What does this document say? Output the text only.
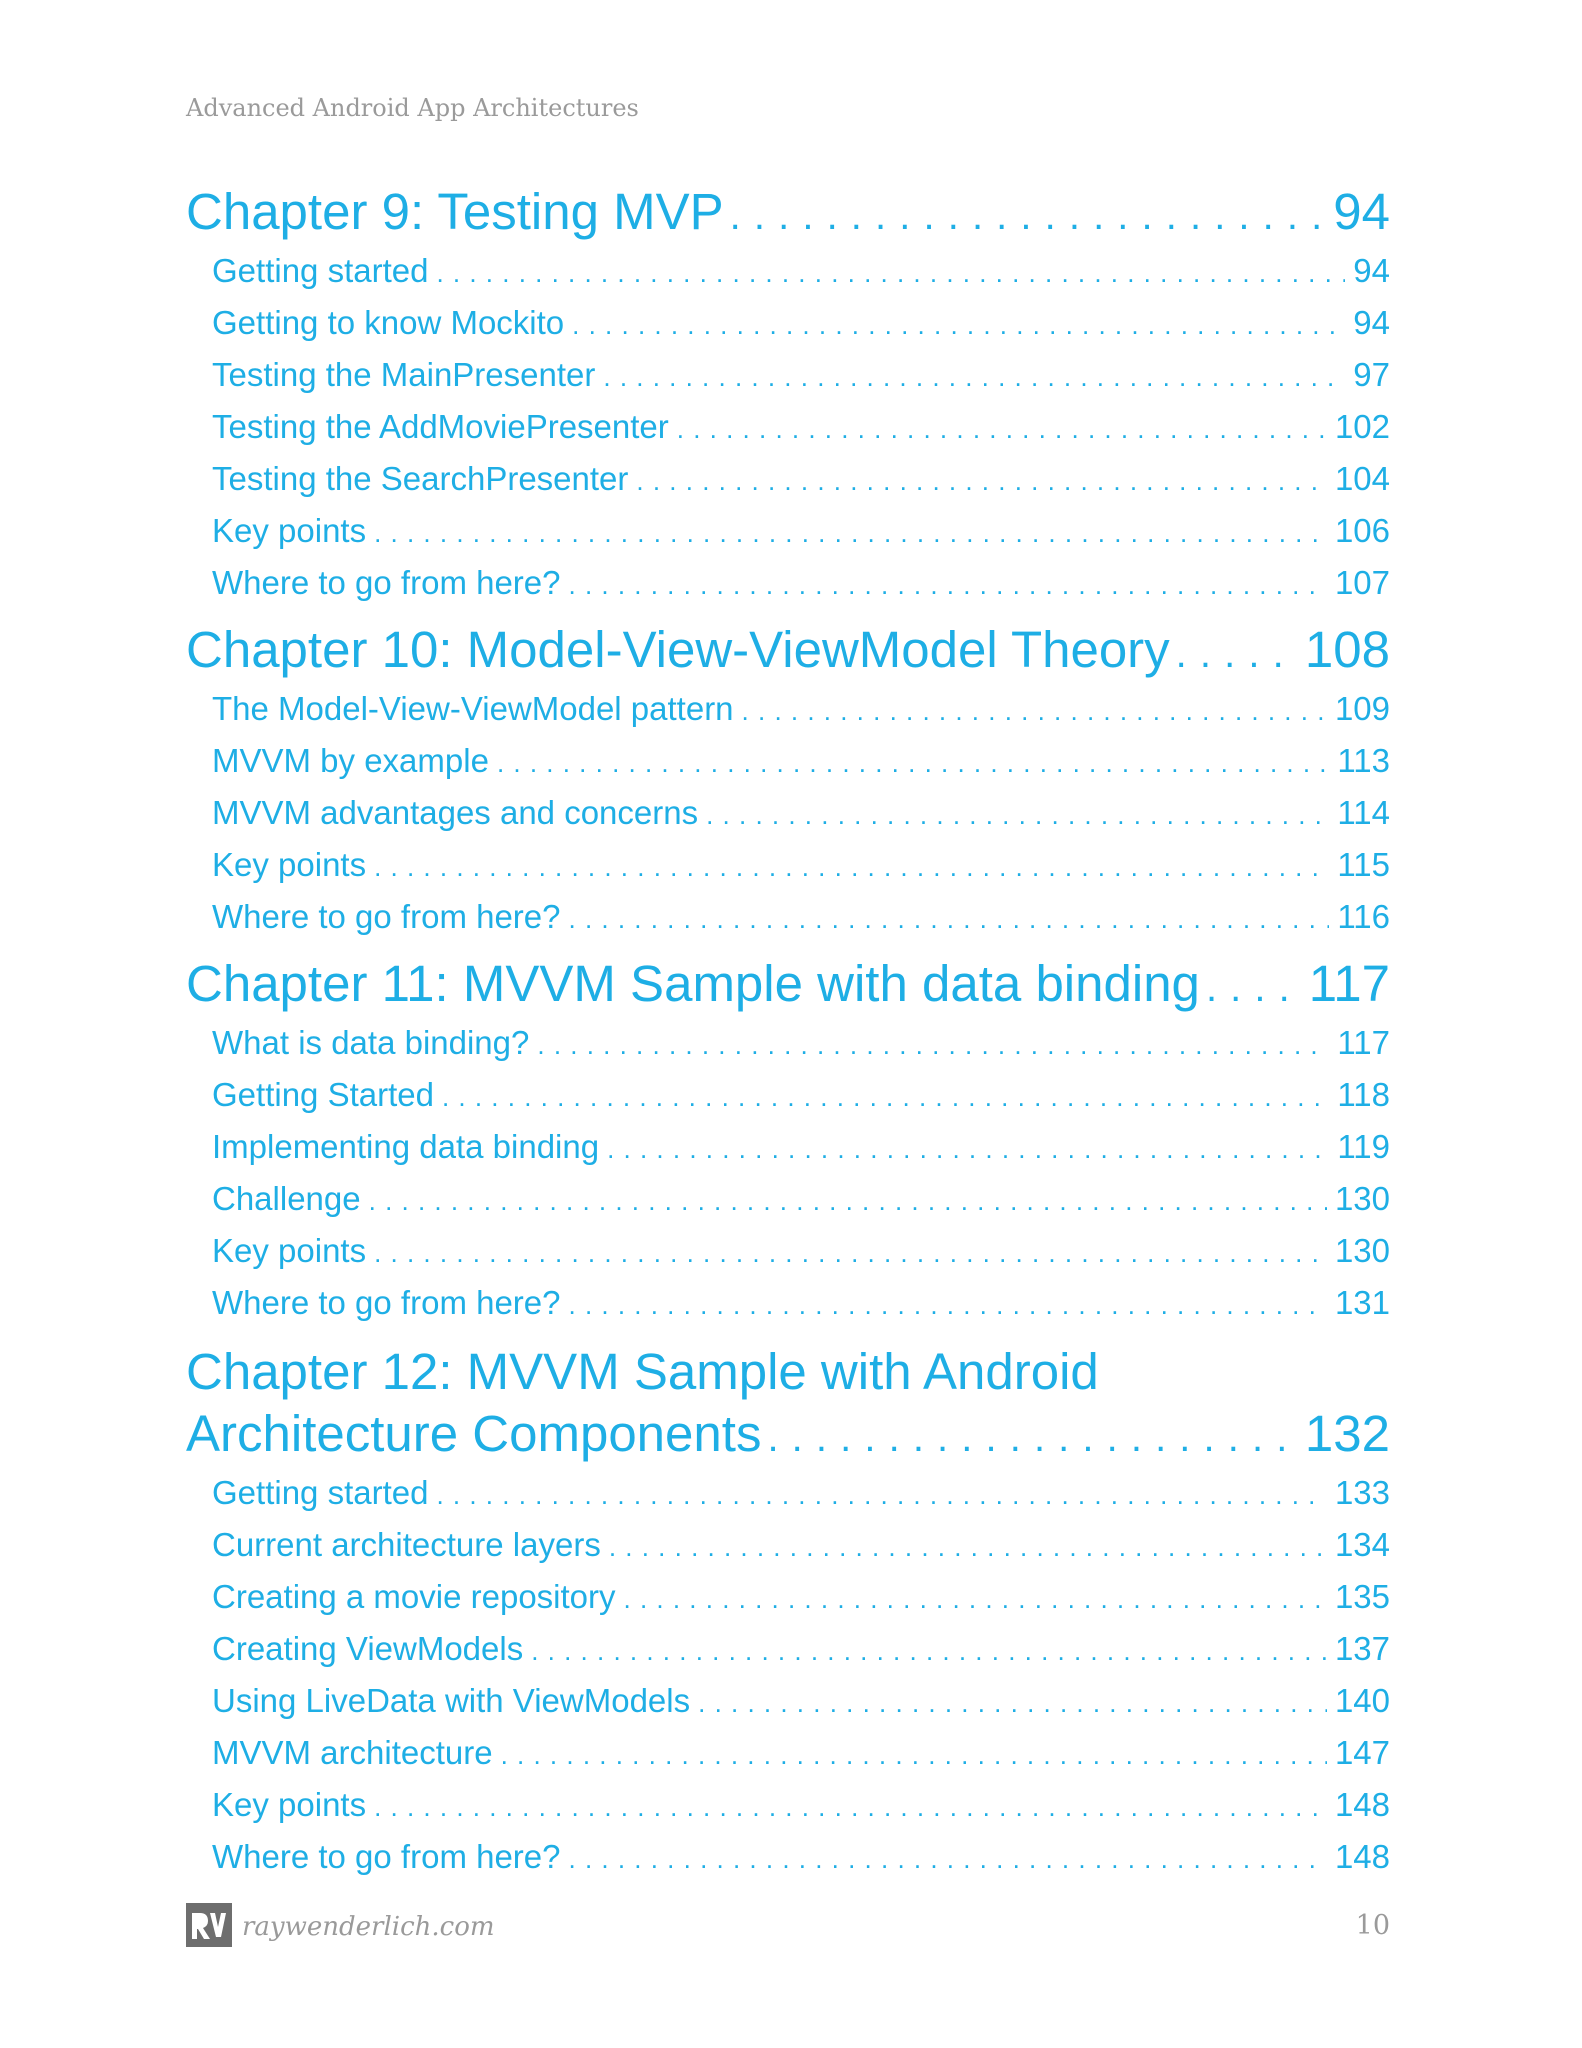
Advanced Android App Architectures
Chapter 9: Testing MVP . . .	94
Getting started . . .	94
Getting to know Mockito . . .	94
Testing the MainPresenter . . .	97
Testing the AddMoviePresenter . . .	102
Testing the SearchPresenter . . .	104
Key points . . .	106
Where to go from here? . . .	107
Chapter 10: Model-View-ViewModel Theory . . .	108
The Model-View-ViewModel pattern . . .	109
MVVM by example . . .	113
MVVM advantages and concerns . . .	114
Key points . . .	115
Where to go from here? . . .	116
Chapter 11: MVVM Sample with data binding . . . 117
What is data binding? . . .	117
Getting Started . . .	118
Implementing data binding . . .	119
Challenge . . .	130
Key points . . .	130
Where to go from here? . . .	131
Chapter 12: MVVM Sample with Android
Architecture Components . . .	132
Getting started . . .	133
Current architecture layers . . .	134
Creating a movie repository . . .	135
Creating ViewModels . . .	137
Using LiveData with ViewModels . . .	140
MVVM architecture . . .	147
Key points . . .	148
Where to go from here? . . .	148
raywenderlich.com	10
